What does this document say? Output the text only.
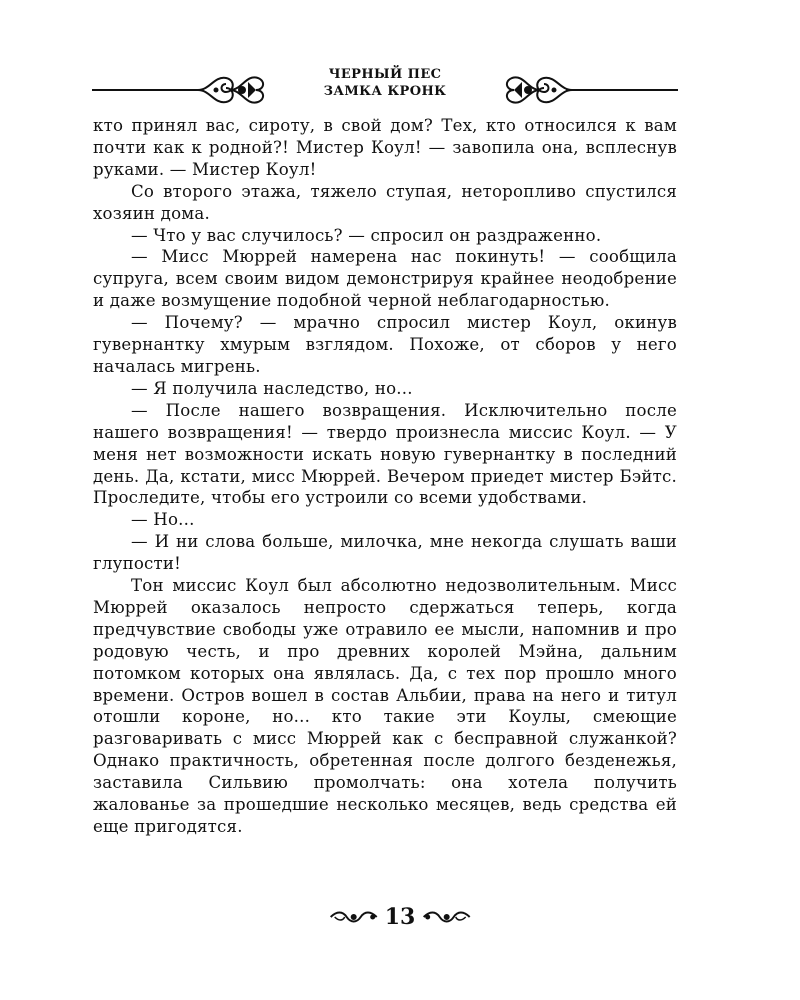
ЧЕРНЫЙ ПЕС
ЗАМКА КРОНК

кто принял вас, сироту, в свой дом? Тех, кто относился к вам почти как к родной?! Мистер Коул! — завопила она, всплеснув руками. — Мистер Коул!

Со второго этажа, тяжело ступая, неторопливо спустился хозяин дома.

— Что у вас случилось? — спросил он раздраженно.

— Мисс Мюррей намерена нас покинуть! — сообщила супруга, всем своим видом демонстрируя крайнее неодобрение и даже возмущение подобной черной неблагодарностью.

— Почему? — мрачно спросил мистер Коул, окинув гувернантку хмурым взглядом. Похоже, от сборов у него началась мигрень.

— Я получила наследство, но...

— После нашего возвращения. Исключительно после нашего возвращения! — твердо произнесла миссис Коул. — У меня нет возможности искать новую гувернантку в последний день. Да, кстати, мисс Мюррей. Вечером приедет мистер Бэйтс. Проследите, чтобы его устроили со всеми удобствами.

— Но...

— И ни слова больше, милочка, мне некогда слушать ваши глупости!

Тон миссис Коул был абсолютно недозволительным. Мисс Мюррей оказалось непросто сдержаться теперь, когда предчувствие свободы уже отравило ее мысли, напомнив и про родовую честь, и про древних королей Мэйна, дальним потомком которых она являлась. Да, с тех пор прошло много времени. Остров вошел в состав Альбии, права на него и титул отошли короне, но... кто такие эти Коулы, смеющие разговаривать с мисс Мюррей как с бесправной служанкой? Однако практичность, обретенная после долгого безденежья, заставила Сильвию промолчать: она хотела получить жалованье за прошедшие несколько месяцев, ведь средства ей еще пригодятся.

13
